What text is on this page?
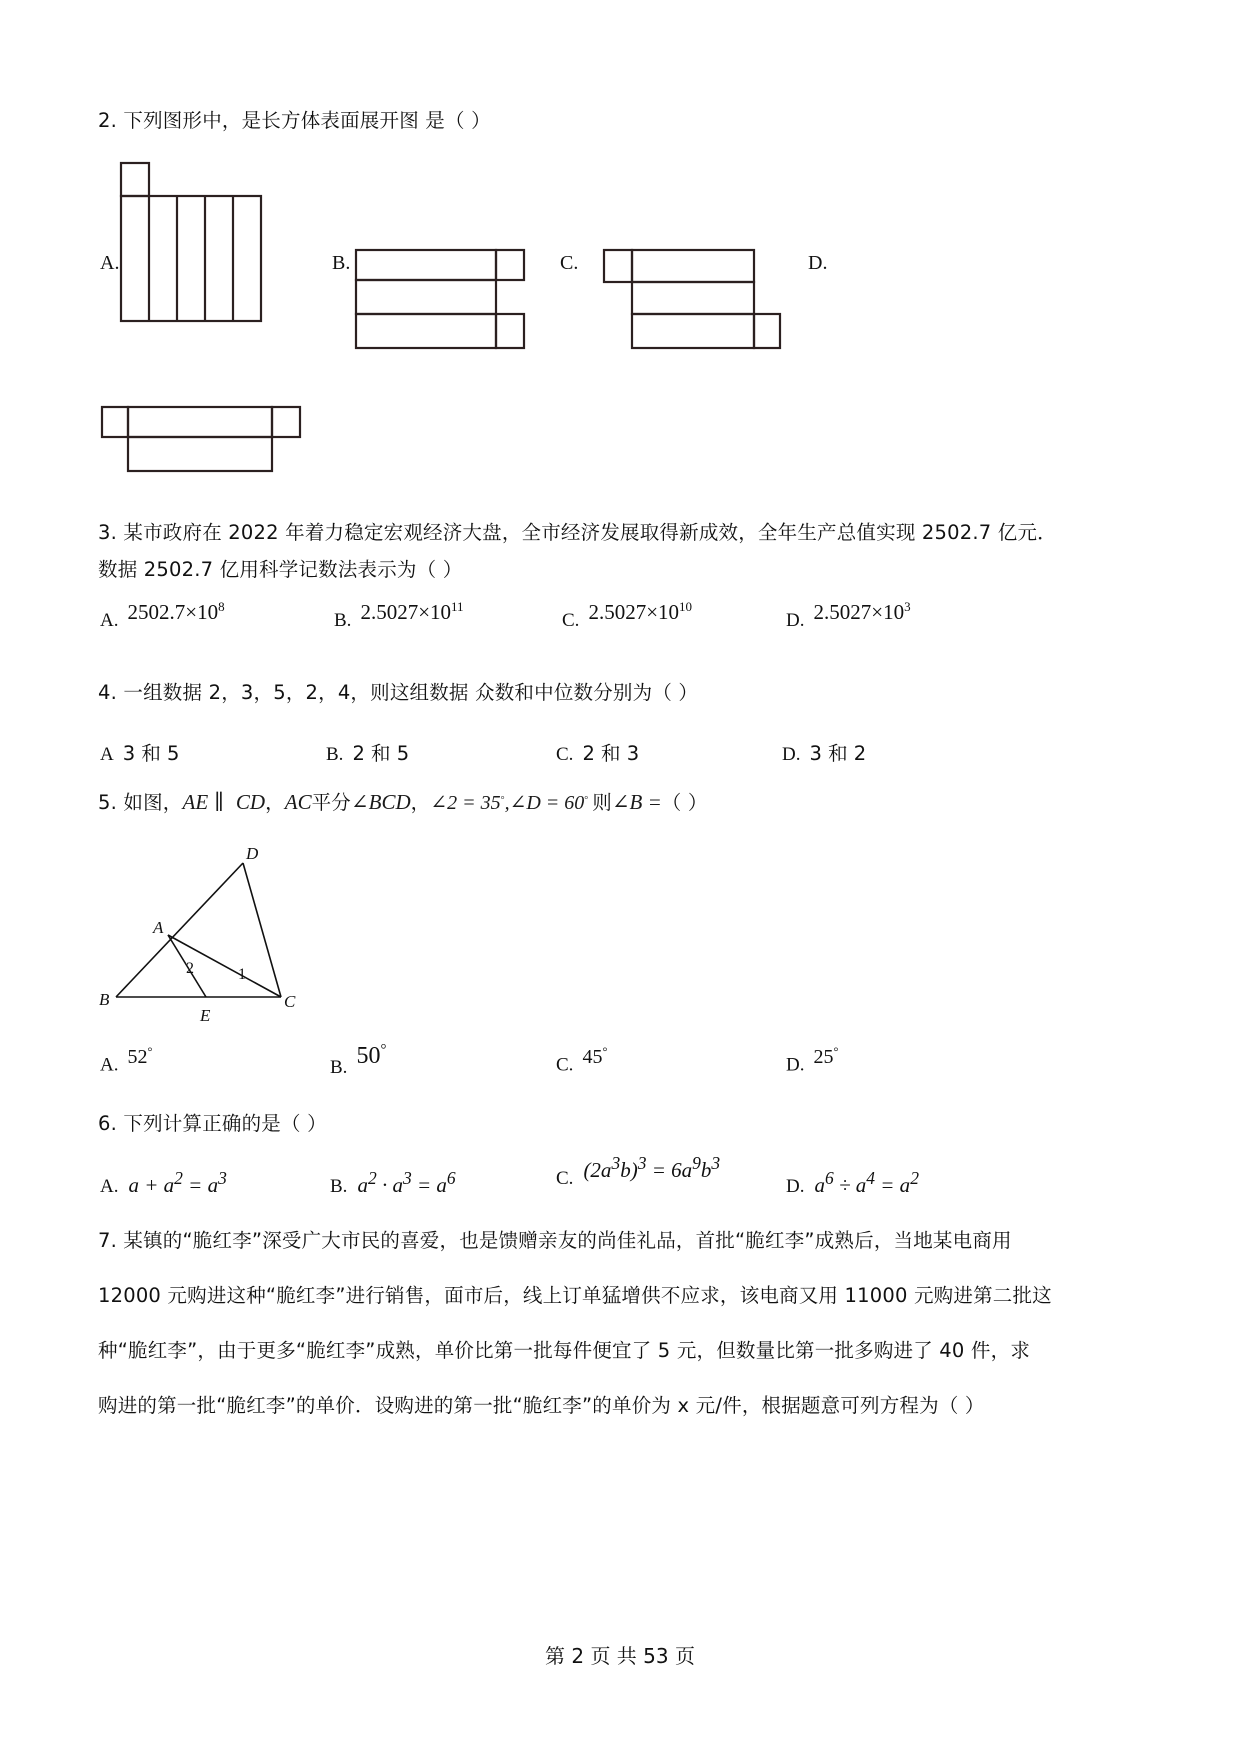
2. 下列图形中，是长方体表面展开图 是（ ）
A.	B.	C.	D.
3. 某市政府在 2022 年着力稳定宏观经济大盘，全市经济发展取得新成效，全年生产总值实现 2502.7 亿元．
数据 2502.7 亿用科学记数法表示为（ ）
A. $2502.7\times 10^8$
B. $2.5027\times 10^{11}$
C. $2.5027\times 10^{10}$
D. $2.5027\times 10^3$
4. 一组数据 2，3，5，2，4，则这组数据 众数和中位数分别为（ ）
A 3 和 5	B. 2 和 5	C. 2 和 3	D. 3 和 2
5. 如图，AE ∥ CD，AC平分∠BCD，∠2 = 35°,∠D = 60° 则∠B =（ ）
D
A
B
E
C
2	1
A. 52°
B. 50°
C. 45°
D. 25°
6. 下列计算正确的是（ ）
A. $a + a^2 = a^3$	B. $a^2 \cdot a^3 = a^6$	C. $(2a^3b)^3 = 6a^9b^3$
D. $a^6 \div a^4 = a^2$
7. 某镇的“脆红李”深受广大市民的喜爱，也是馈赠亲友的尚佳礼品，首批“脆红李”成熟后，当地某电商用
12000 元购进这种“脆红李”进行销售，面市后，线上订单猛增供不应求，该电商又用 11000 元购进第二批这
种“脆红李”，由于更多“脆红李”成熟，单价比第一批每件便宜了 5 元，但数量比第一批多购进了 40 件，求
购进的第一批“脆红李”的单价．设购进的第一批“脆红李”的单价为 x 元/件，根据题意可列方程为（ ）
第 2 页 共 53 页
